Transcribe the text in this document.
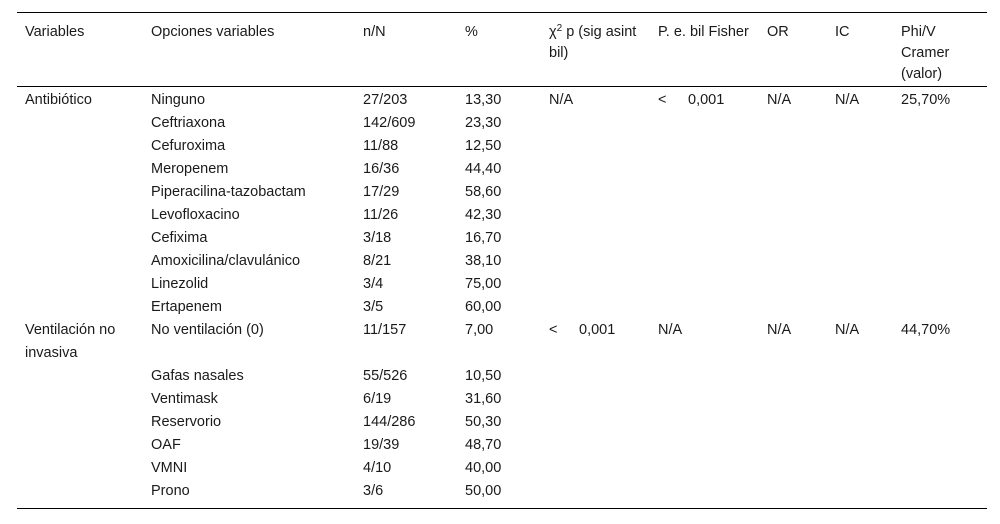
Variables	Opciones variables	n/N	%	$\chi^2$ p (sig asint bil)	P. e. bil Fisher	OR	IC	Phi/V Cramer (valor)
Antibiótico	Ninguno	27/203	13,30	N/A	< 0,001	N/A	N/A	25,70%
	Ceftriaxona	142/609	23,30					
	Cefuroxima	11/88	12,50					
	Meropenem	16/36	44,40					
	Piperacilina-tazobactam	17/29	58,60					
	Levofloxacino	11/26	42,30					
	Cefixima	3/18	16,70					
	Amoxicilina/clavulánico	8/21	38,10					
	Linezolid	3/4	75,00					
	Ertapenem	3/5	60,00					
Ventilación no invasiva	No ventilación (0)	11/157	7,00	< 0,001	N/A	N/A	N/A	44,70%
	Gafas nasales	55/526	10,50					
	Ventimask	6/19	31,60					
	Reservorio	144/286	50,30					
	OAF	19/39	48,70					
	VMNI	4/10	40,00					
	Prono	3/6	50,00					
